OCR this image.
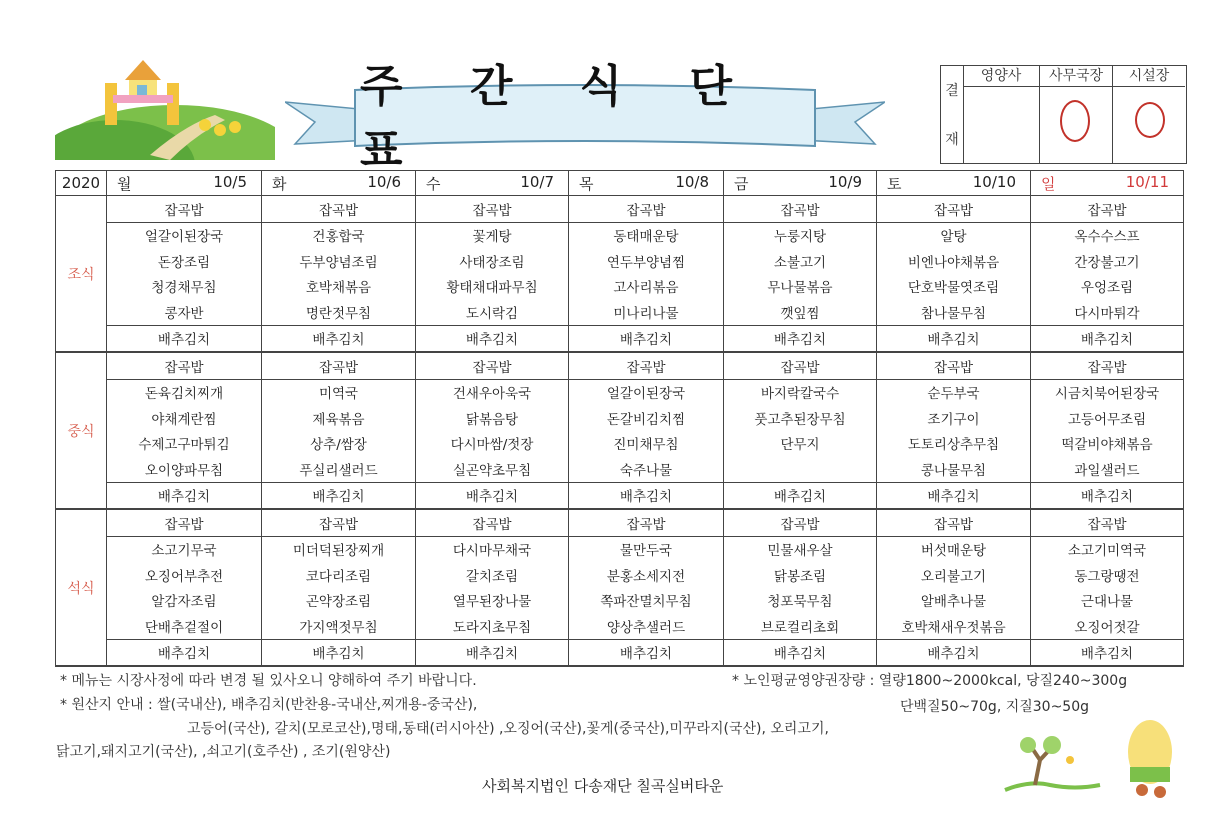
주 간 식 단 표
결
재
영양사	사무국장	시설장
2020	월 10/5	화 10/6	수 10/7	목 10/8	금 10/9	토 10/10	일 10/11

조식	잡곡밥	잡곡밥	잡곡밥	잡곡밥	잡곡밥	잡곡밥	잡곡밥
	얼갈이된장국	건홍합국	꽃게탕	동태매운탕	누룽지탕	알탕	옥수수스프
	돈장조림	두부양념조림	사태장조림	연두부양념찜	소불고기	비엔나야채볶음	간장불고기
	청경채무침	호박채볶음	황태채대파무침	고사리볶음	무나물볶음	단호박물엿조림	우엉조림
	콩자반	명란젓무침	도시락김	미나리나물	깻잎찜	참나물무침	다시마튀각
	배추김치	배추김치	배추김치	배추김치	배추김치	배추김치	배추김치
중식	잡곡밥	잡곡밥	잡곡밥	잡곡밥	잡곡밥	잡곡밥	잡곡밥
	돈육김치찌개	미역국	건새우아욱국	얼갈이된장국	바지락칼국수	순두부국	시금치북어된장국
	야채계란찜	제육볶음	닭볶음탕	돈갈비김치찜	풋고추된장무침	조기구이	고등어무조림
	수제고구마튀김	상추/쌈장	다시마쌈/젓장	진미채무침	단무지	도토리상추무침	떡갈비야채볶음
	오이양파무침	푸실리샐러드	실곤약초무침	숙주나물		콩나물무침	과일샐러드
	배추김치	배추김치	배추김치	배추김치	배추김치	배추김치	배추김치
석식	잡곡밥	잡곡밥	잡곡밥	잡곡밥	잡곡밥	잡곡밥	잡곡밥
	소고기무국	미더덕된장찌개	다시마무채국	물만두국	민물새우살	버섯매운탕	소고기미역국
	오징어부추전	코다리조림	갈치조림	분홍소세지전	닭봉조림	오리불고기	동그랑땡전
	알감자조림	곤약장조림	열무된장나물	쪽파잔멸치무침	청포묵무침	알배추나물	근대나물
	단배추겉절이	가지액젓무침	도라지초무침	양상추샐러드	브로컬리초회	호박채새우젓볶음	오징어젓갈
	배추김치	배추김치	배추김치	배추김치	배추김치	배추김치	배추김치
* 메뉴는 시장사정에 따라 변경 될 있사오니 양해하여 주기 바랍니다.
* 원산지 안내 : 쌀(국내산), 배추김치(반찬용-국내산,찌개용-중국산),
고등어(국산), 갈치(모로코산),명태,동태(러시아산) ,오징어(국산),꽃게(중국산),미꾸라지(국산), 오리고기,
닭고기,돼지고기(국산), ,쇠고기(호주산) , 조기(원양산)
* 노인평균영양권장량 : 열량1800~2000kcal, 당질240~300g
단백질50~70g, 지질30~50g
사회복지법인 다송재단 칠곡실버타운
